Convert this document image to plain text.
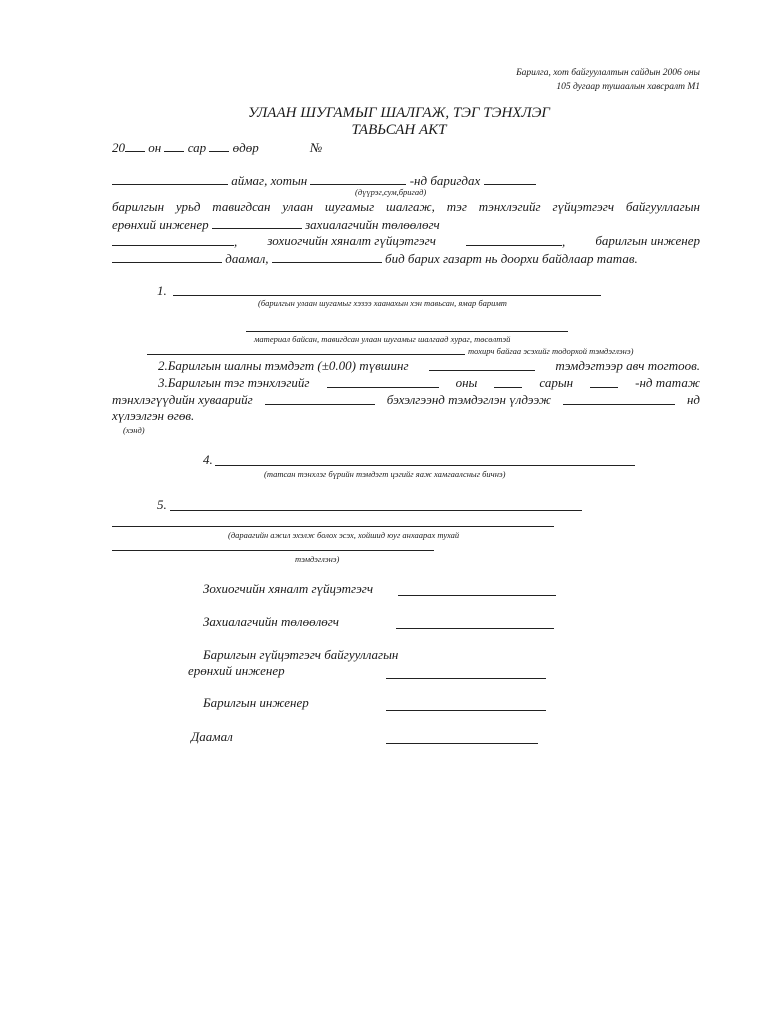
Барилга, хот байгуулалтын сайдын 2006 оны
105 дугаар тушаалын хавсралт М1
УЛААН ШУГАМЫГ ШАЛГАЖ, ТЭГ ТЭНХЛЭГ
ТАВЬСАН АКТ
20 он сар өдөр	№
аймаг, хотын	-нд баригдах
(дүүрэг,сум,бригад)
барилгын урьд тавигдсан улаан шугамыг шалгаж, тэг тэнхлэгийг гүйцэтгэгч байгууллагын
ерөнхий инженер	захиалагчийн төлөөлөгч
, зохиогчийн хяналт гүйцэтгэгч	, барилгын инженер
даамал,	бид барих газарт нь доорхи байдлаар татав.
1.
(барилгын улаан шугамыг хэзээ хаанахын хэн тавьсан, ямар баримт
материал байсан, тавигдсан улаан шугамыг шалгаад хураг, төсөлтэй
тохирч байгаа эсэхийг тодорхой тэмдэглэнэ)
2.Барилгын шалны тэмдэгт (±0.00) түвшинг	тэмдэгтээр авч тогтоов.
3.Барилгын тэг тэнхлэгийг	оны	сарын	-нд татаж
тэнхлэгүүдийн хуваарийг	бэхэлгээнд тэмдэглэн үлдээж	нд
хүлээлгэн өгөв.
(хэнд)
4.
(татсан тэнхлэг бүрийн тэмдэгт цэгийг яаж хамгаалсныг бичнэ)
5.
(дараагийн ажил эхэлж болох эсэх, хойшид юуг анхаарах тухай
тэмдэглэнэ)
Зохиогчийн хяналт гүйцэтгэгч
Захиалагчийн төлөөлөгч
Барилгын гүйцэтгэгч байгууллагын
ерөнхий инженер
Барилгын инженер
Даамал
